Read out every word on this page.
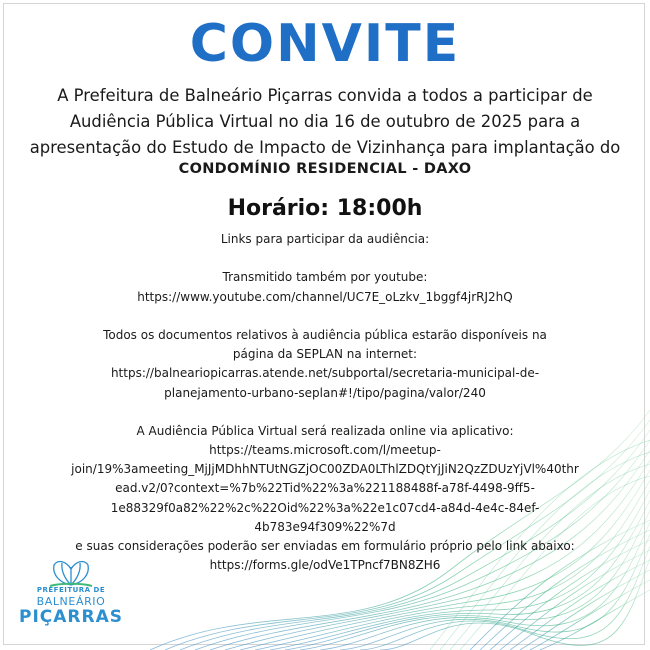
CONVITE
A Prefeitura de Balneário Piçarras convida a todos a participar de
Audiência Pública Virtual no dia 16 de outubro de 2025 para a
apresentação do Estudo de Impacto de Vizinhança para implantação do
CONDOMÍNIO RESIDENCIAL - DAXO
Horário: 18:00h
Links para participar da audiência:
Transmitido também por youtube:
https://www.youtube.com/channel/UC7E_oLzkv_1bggf4jrRJ2hQ
Todos os documentos relativos à audiência pública estarão disponíveis na
página da SEPLAN na internet:
https://balneariopicarras.atende.net/subportal/secretaria-municipal-de-
planejamento-urbano-seplan#!/tipo/pagina/valor/240
A Audiência Pública Virtual será realizada online via aplicativo:
https://teams.microsoft.com/l/meetup-
join/19%3ameeting_MjJjMDhhNTUtNGZjOC00ZDA0LThlZDQtYjJiN2QzZDUzYjVl%40thr
ead.v2/0?context=%7b%22Tid%22%3a%221188488f-a78f-4498-9ff5-
1e88329f0a82%22%2c%22Oid%22%3a%22e1c07cd4-a84d-4e4c-84ef-
4b783e94f309%22%7d
e suas considerações poderão ser enviadas em formulário próprio pelo link abaixo:
https://forms.gle/odVe1TPncf7BN8ZH6
PREFEITURA DE
BALNEÁRIO
PIÇARRAS
